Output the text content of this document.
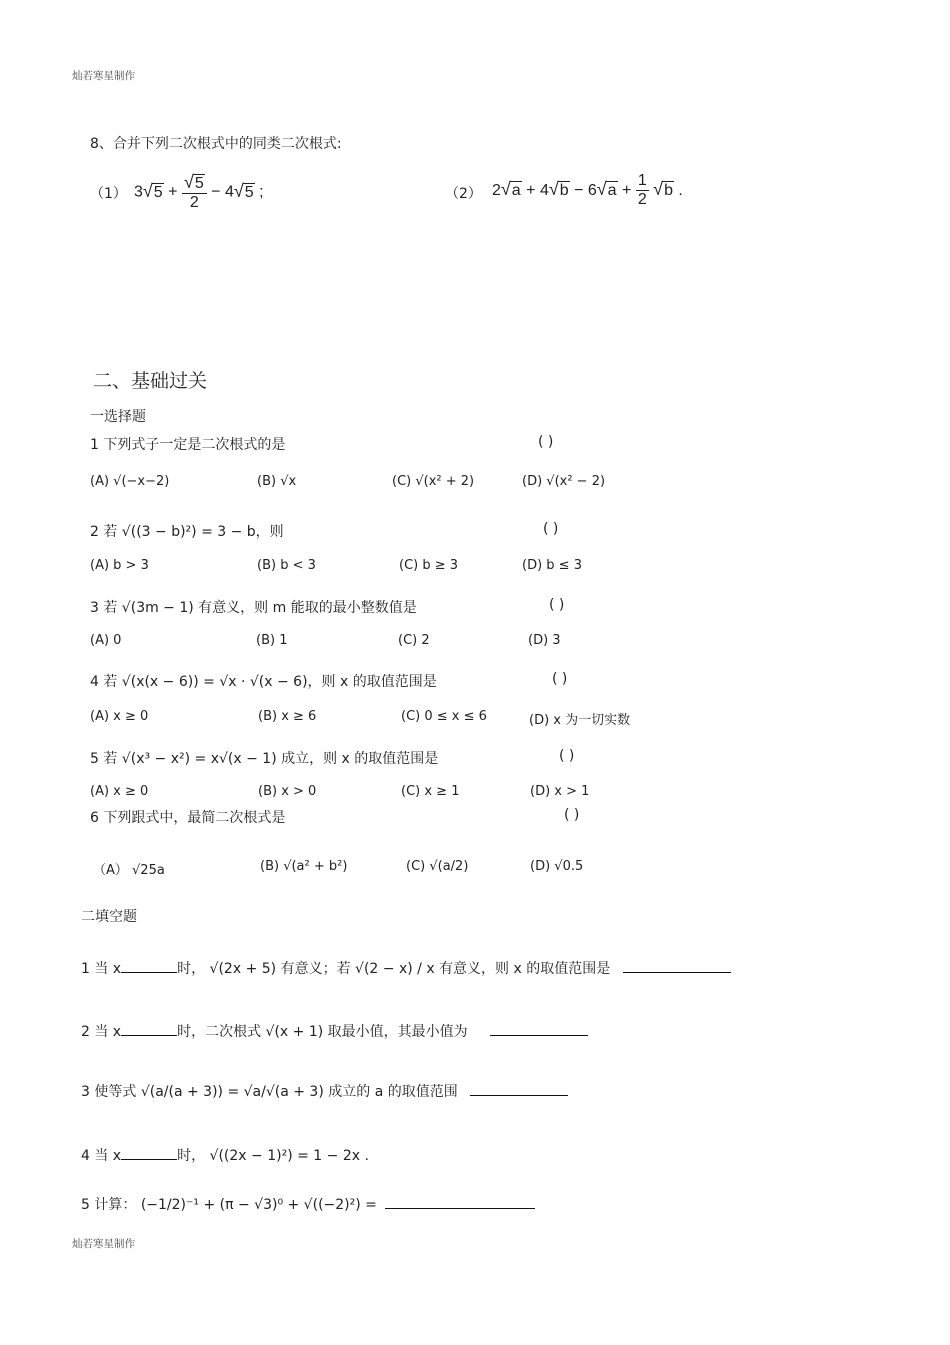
灿若寒星制作
灿若寒星制作
8、合并下列二次根式中的同类二次根式:
（1） $3√5 + \frac{√5}{2} - 4√5$ ;	（2） $2√a + 4√b - 6√a + \frac{1}{2} √b$ .
二、基础过关
一选择题
1 下列式子一定是二次根式的是	( )
(A) √(−x−2)	(B) √x	(C) √(x² + 2)	(D) √(x² − 2)
2 若 √((3 − b)²) = 3 − b，则	( )
(A) b > 3	(B) b < 3	(C) b ≥ 3	(D) b ≤ 3
3 若 √(3m − 1) 有意义，则 m 能取的最小整数值是	( )
(A) 0	(B) 1	(C) 2	(D) 3
4 若 √(x(x − 6)) = √x · √(x − 6)，则 x 的取值范围是	( )
(A) x ≥ 0	(B) x ≥ 6	(C) 0 ≤ x ≤ 6	(D) x 为一切实数
5 若 √(x³ − x²) = x√(x − 1) 成立，则 x 的取值范围是	( )
(A) x ≥ 0	(B) x > 0	(C) x ≥ 1	(D) x > 1
6 下列跟式中，最简二次根式是	( )
（A） √25a	(B) √(a² + b²)	(C) √(a/2)	(D) √0.5
二填空题
1 当 x	时， √(2x + 5) 有意义；若 √(2 − x) / x 有意义，则 x 的取值范围是
2 当 x	时，二次根式 √(x + 1) 取最小值，其最小值为
3 使等式 √(a/(a + 3)) = √a/√(a + 3) 成立的 a 的取值范围
4 当 x	时， √((2x − 1)²) = 1 − 2x .
5 计算： (−1/2)⁻¹ + (π − √3)⁰ + √((−2)²) =
